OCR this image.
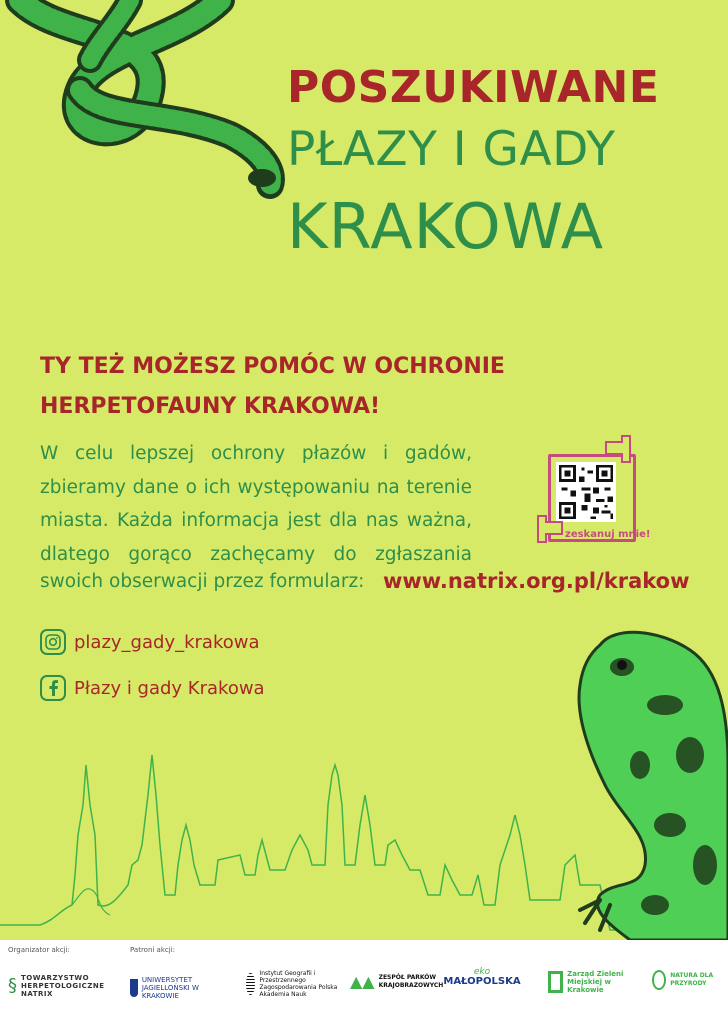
POSZUKIWANE
PŁAZY I GADY
KRAKOWA
TY TEŻ MOŻESZ POMÓC W OCHRONIE
HERPETOFAUNY KRAKOWA!
W celu lepszej ochrony płazów i gadów, zbieramy dane o ich występowaniu na terenie miasta. Każda informacja jest dla nas ważna, dlatego gorąco zachęcamy do zgłaszania
swoich obserwacji przez formularz: www.natrix.org.pl/krakow
zeskanuj mnie!
plazy_gady_krakowa
Płazy i gady Krakowa
Organizator akcji:	Patroni akcji:
§ TOWARZYSTWO HERPETOLOGICZNE NATRIX
UNIWERSYTET JAGIELLOŃSKI W KRAKOWIE
Instytut Geografii i Przestrzennego Zagospodarowania Polska Akademia Nauk
▲▲ ZESPÓŁ PARKÓW KRAJOBRAZOWYCH
eko
MAŁOPOLSKA
Zarząd Zieleni Miejskiej w Krakowie
NATURA DLA PRZYRODY
